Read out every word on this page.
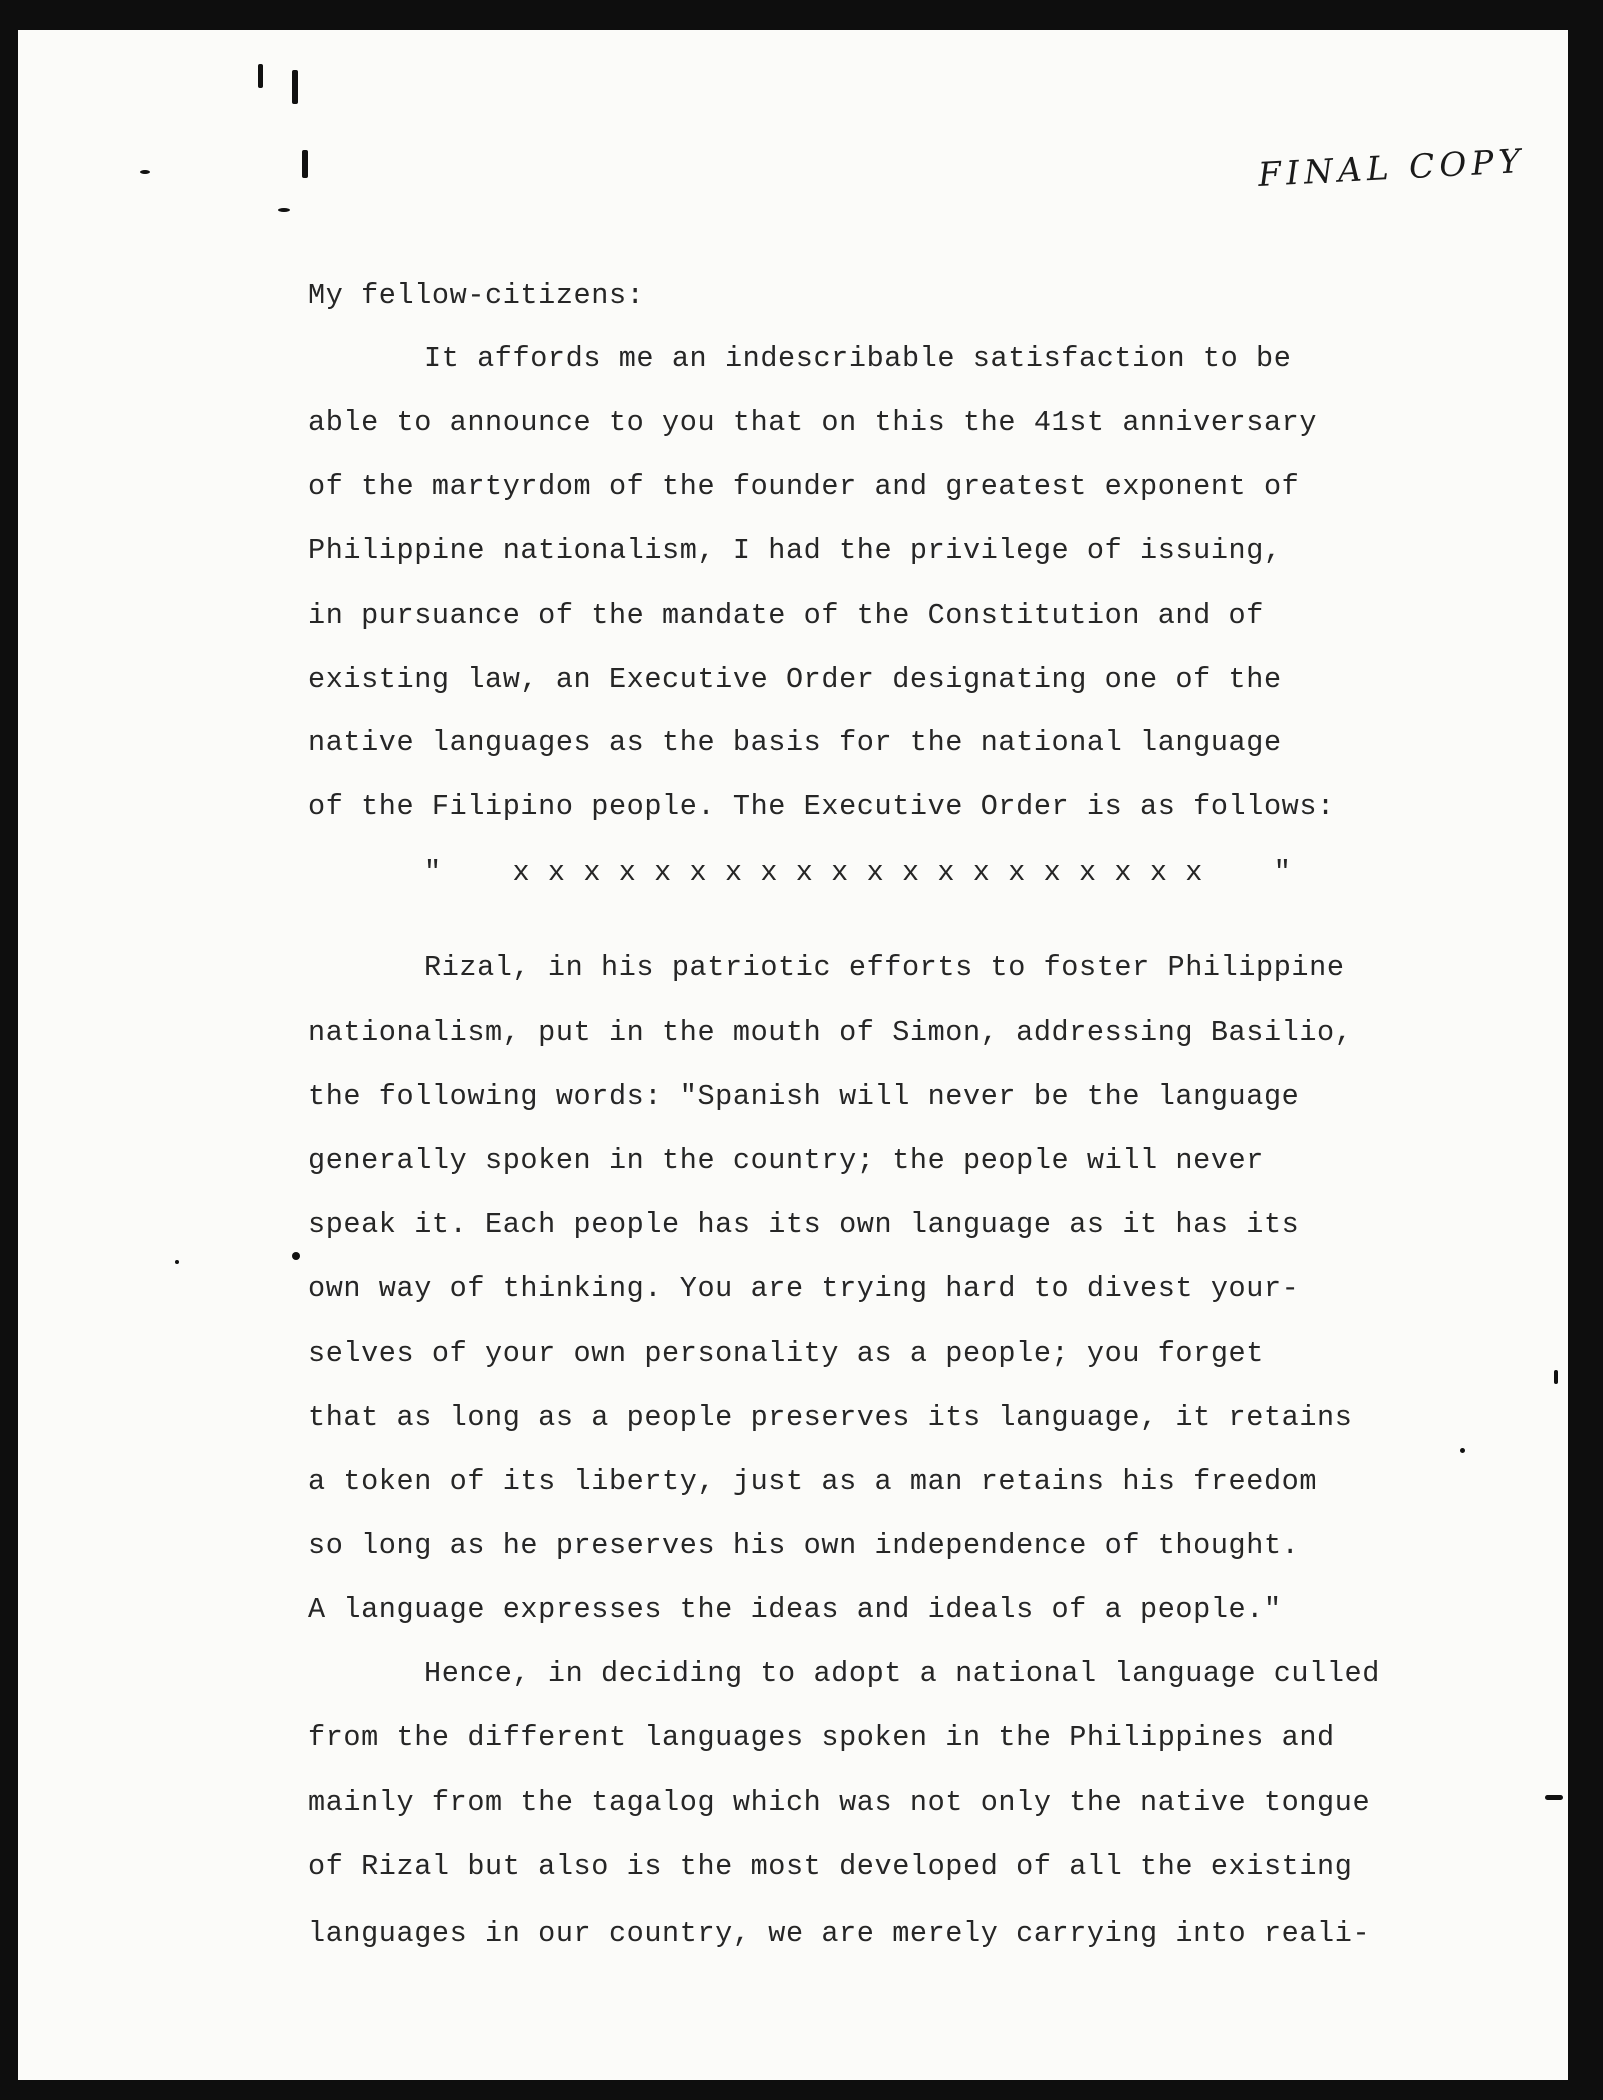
FINAL COPY
My fellow-citizens:
It affords me an indescribable satisfaction to be
able to announce to you that on this the 41st anniversary
of the martyrdom of the founder and greatest exponent of
Philippine nationalism, I had the privilege of issuing,
in pursuance of the mandate of the Constitution and of
existing law, an Executive Order designating one of the
native languages as the basis for the national language
of the Filipino people. The Executive Order is as follows:
"    x x x x x x x x x x x x x x x x x x x x    "
Rizal, in his patriotic efforts to foster Philippine
nationalism, put in the mouth of Simon, addressing Basilio,
the following words: "Spanish will never be the language
generally spoken in the country; the people will never
speak it. Each people has its own language as it has its
own way of thinking. You are trying hard to divest your-
selves of your own personality as a people; you forget
that as long as a people preserves its language, it retains
a token of its liberty, just as a man retains his freedom
so long as he preserves his own independence of thought.
A language expresses the ideas and ideals of a people."
Hence, in deciding to adopt a national language culled
from the different languages spoken in the Philippines and
mainly from the tagalog which was not only the native tongue
of Rizal but also is the most developed of all the existing
languages in our country, we are merely carrying into reali-
